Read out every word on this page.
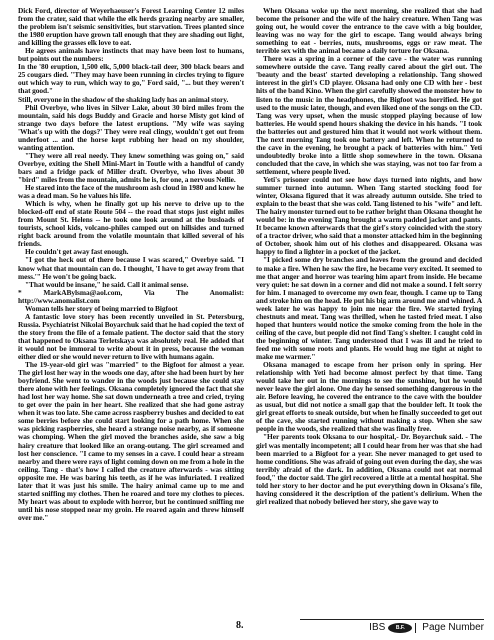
Dick Ford, director of Weyerhaeuser's Forest Learning Center 12 miles from the crater, said that while the elk herds grazing nearby are smaller, the problem isn't seismic sensitivities, but starvation. Trees planted since the 1980 eruption have grown tall enough that they are shading out light, and killing the grasses elk love to eat.

He agrees animals have instincts that may have been lost to humans, but points out the numbers:

In the '80 eruption, 1,500 elk, 5,000 black-tail deer, 300 black bears and 25 cougars died. "They may have been running in circles trying to figure out which way to run, which way to go," Ford said, "... but they weren't that good."

Still, everyone in the shadow of the shaking lady has an animal story.

Phil Overbye, who lives in Silver Lake, about 30 bird miles from the mountain, said his dogs Buddy and Gracie and horse Misty got kind of strange two days before the latest eruptions. "My wife was saying 'What's up with the dogs?' They were real clingy, wouldn't get out from underfoot ... and the horse kept rubbing her head on my shoulder, wanting attention.

"They were all real needy. They knew something was going on," said Overbye, exiting the Shell Mini-Mart in Toutle with a handful of candy bars and a fridge pack of Miller draft. Overbye, who lives about 30 "bird" miles from the mountain, admits he is, for one, a nervous Nellie.

He stared into the face of the mushroom ash cloud in 1980 and knew he was a dead man. So he values his life.

Which is why, when he finally got up his nerve to drive up to the blocked-off end of state Route 504 -- the road that stops just eight miles from Mount St. Helens -- he took one look around at the busloads of tourists, school kids, volcano-philes camped out on hillsides and turned right back around from the volatile mountain that killed several of his friends.

He couldn't get away fast enough.

"I got the heck out of there because I was scared," Overbye said. "I know what that mountain can do. I thought, 'I have to get away from that mess.'" He won't be going back.

"That would be insane," he said. Call it animal sense.

* MarkABylsma@aol.com, Via The Anomalist: http://www.anomalist.com

Woman tells her story of being married to Bigfoot

A fantastic love story has been recently unveiled in St. Petersburg, Russia. Psychiatrist Nikolai Boyarchuk said that he had copied the text of the story from the file of a female patient. The doctor said that the story that happened to Oksana Terletskaya was absolutely real. He added that it would not be immoral to write about it in press, because the woman either died or she would never return to live with humans again.

The 19-year-old girl was "married" to the Bigfoot for almost a year. The girl lost her way in the woods one day, after she had been hurt by her boyfriend. She went to wander in the woods just because she could stay there alone with her feelings. Oksana completely ignored the fact that she had lost her way home. She sat down underneath a tree and cried, trying to get over the pain in her heart. She realized that she had gone astray when it was too late. She came across raspberry bushes and decided to eat some berries before she could start looking for a path home. When she was picking raspberries, she heard a strange noise nearby, as if someone was chomping. When the girl moved the branches aside, she saw a big hairy creature that looked like an orang-outang. The girl screamed and lost her conscience. "I came to my senses in a cave. I could hear a stream nearby and there were rays of light coming down on me from a hole in the ceiling. Tang - that's how I called the creature afterwards - was sitting opposite me. He was baring his teeth, as if he was infuriated. I realized later that it was just his smile. The hairy animal came up to me and started sniffing my clothes. Then he roared and tore my clothes to pieces. My heart was about to explode with horror, but he continued sniffing me until his nose stopped near my groin. He roared again and threw himself over me."

When Oksana woke up the next morning, she realized that she had become the prisoner and the wife of the hairy creature. When Tang was going out, he would cover the entrance to the cave with a big boulder, leaving was no way for the girl to escape. Tang would always bring something to eat - berries, nuts, mushrooms, eggs or raw meat. The terrible sex with the animal became a daily torture for Oksana.

There was a spring in a corner of the cave - the water was running somewhere outside the cave. Tang really cared about the girl out. The 'beauty and the beast' started developing a relationship. Tang showed interest in the girl's CD player. Oksana had only one CD with her - best hits of the band Kino. When the girl carefully showed the monster how to listen to the music in the headphones, the Bigfoot was horrified. He got used to the music later, though, and even liked one of the songs on the CD. Tang was very upset, when the music stopped playing because of low batteries. He would spend hours shaking the device in his hands. "I took the batteries out and gestured him that it would not work without them. The next morning Tang took one battery and left. When he returned to the cave in the evening, he brought a pack of batteries with him." Yeti undoubtedly broke into a little shop somewhere in the town. Oksana concluded that the cave, in which she was staying, was not too far from a settlement, where people lived.

Yeti's prisoner could not see how days turned into nights, and how summer turned into autumn. When Tang started stocking food for winter, Oksana figured that it was already autumn outside. She tried to explain to the beast that she was cold. Tang listened to his "wife" and left. The hairy monster turned out to be rather bright than Oksana thought he would be: in the evening Tang brought a warm padded jacket and pants. It became known afterwards that the girl's story coincided with the story of a tractor driver, who said that a monster attacked him in the beginning of October, shook him out of his clothes and disappeared. Oksana was happy to find a lighter in a pocket of the jacket.

"I picked some dry branches and leaves from the ground and decided to make a fire. When he saw the fire, he became very excited. It seemed to me that anger and horror was tearing him apart from inside. He became very quiet: he sat down in a corner and did not make a sound. I felt sorry for him. I managed to overcome my own fear, though. I came up to Tang and stroke him on the head. He put his big arm around me and whined. A week later he was happy to join me near the fire. We started frying chestnuts and meat. Tang was thrilled, when he tasted fried meat. I also hoped that hunters would notice the smoke coming from the hole in the ceiling of the cave, but people did not find Tang's shelter. I caught cold in the beginning of winter. Tang understood that I was ill and he tried to feed me with some roots and plants. He would hug me tight at night to make me warmer."

Oksana managed to escape from her prison only in spring. Her relationship with Yeti had become almost perfect by that time. Tang would take her out in the mornings to see the sunshine, but he would never leave the girl alone. One day he sensed something dangerous in the air. Before leaving, he covered the entrance to the cave with the boulder as usual, but did not notice a small gap that the boulder left. It took the girl great efforts to sneak outside, but when he finally succeeded to get out of the cave, she started running without making a stop. When she saw people in the woods, she realized that she was finally free.

"Her parents took Oksana to our hospital,- Dr. Boyarchuk said. - The girl was mentally incompetent; all I could hear from her was that she had been married to a Bigfoot for a year. She never managed to get used to home conditions. She was afraid of going out even during the day, she was terribly afraid of the dark. In addition, Oksana could not eat normal food," the doctor said. The girl recovered a little at a mental hospital. She told her story to her doctor and he put everything down in Oksana's file, having considered it the description of the patient's delirium. When the girl realized that nobody believed her story, she gave way to

8.	IBS	B.F.	Page Number
